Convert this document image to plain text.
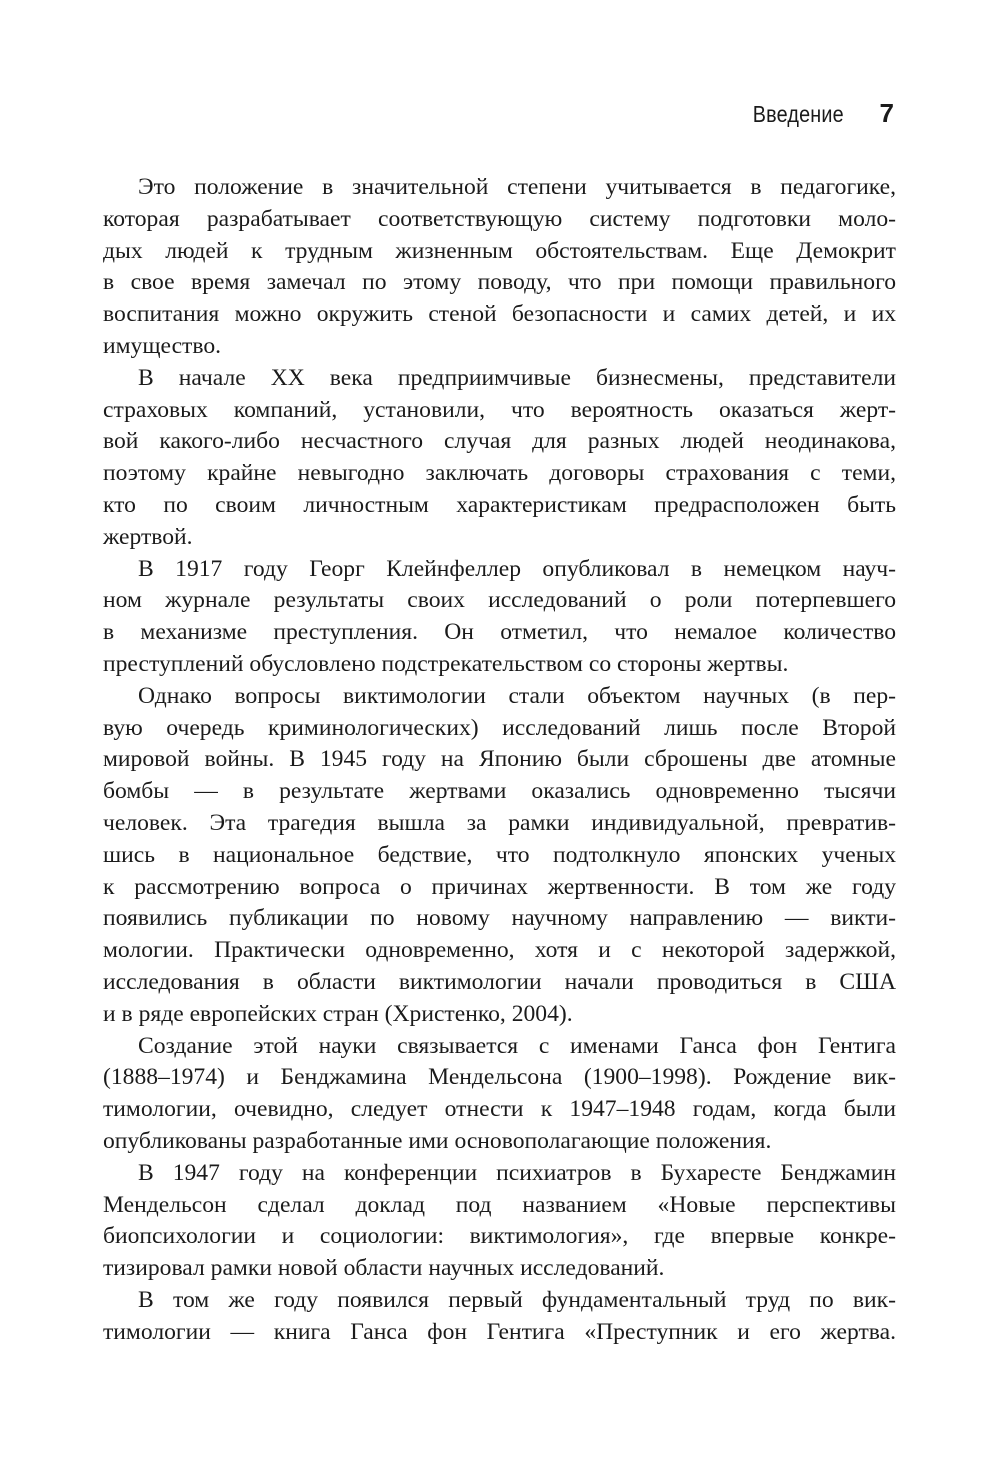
Введение 7

Это положение в значительной степени учитывается в педагогике,
которая разрабатывает соответствующую систему подготовки моло-
дых людей к трудным жизненным обстоятельствам. Еще Демокрит
в свое время замечал по этому поводу, что при помощи правильного
воспитания можно окружить стеной безопасности и самих детей, и их
имущество.

В начале XX века предприимчивые бизнесмены, представители
страховых компаний, установили, что вероятность оказаться жерт-
вой какого-либо несчастного случая для разных людей неодинакова,
поэтому крайне невыгодно заключать договоры страхования с теми,
кто по своим личностным характеристикам предрасположен быть
жертвой.

В 1917 году Георг Клейнфеллер опубликовал в немецком науч-
ном журнале результаты своих исследований о роли потерпевшего
в механизме преступления. Он отметил, что немалое количество
преступлений обусловлено подстрекательством со стороны жертвы.

Однако вопросы виктимологии стали объектом научных (в пер-
вую очередь криминологических) исследований лишь после Второй
мировой войны. В 1945 году на Японию были сброшены две атомные
бомбы — в результате жертвами оказались одновременно тысячи
человек. Эта трагедия вышла за рамки индивидуальной, превратив-
шись в национальное бедствие, что подтолкнуло японских ученых
к рассмотрению вопроса о причинах жертвенности. В том же году
появились публикации по новому научному направлению — викти-
мологии. Практически одновременно, хотя и с некоторой задержкой,
исследования в области виктимологии начали проводиться в США
и в ряде европейских стран (Христенко, 2004).

Создание этой науки связывается с именами Ганса фон Гентига
(1888–1974) и Бенджамина Мендельсона (1900–1998). Рождение вик-
тимологии, очевидно, следует отнести к 1947–1948 годам, когда были
опубликованы разработанные ими основополагающие положения.

В 1947 году на конференции психиатров в Бухаресте Бенджамин
Мендельсон сделал доклад под названием «Новые перспективы
биопсихологии и социологии: виктимология», где впервые конкре-
тизировал рамки новой области научных исследований.

В том же году появился первый фундаментальный труд по вик-
тимологии — книга Ганса фон Гентига «Преступник и его жертва.
